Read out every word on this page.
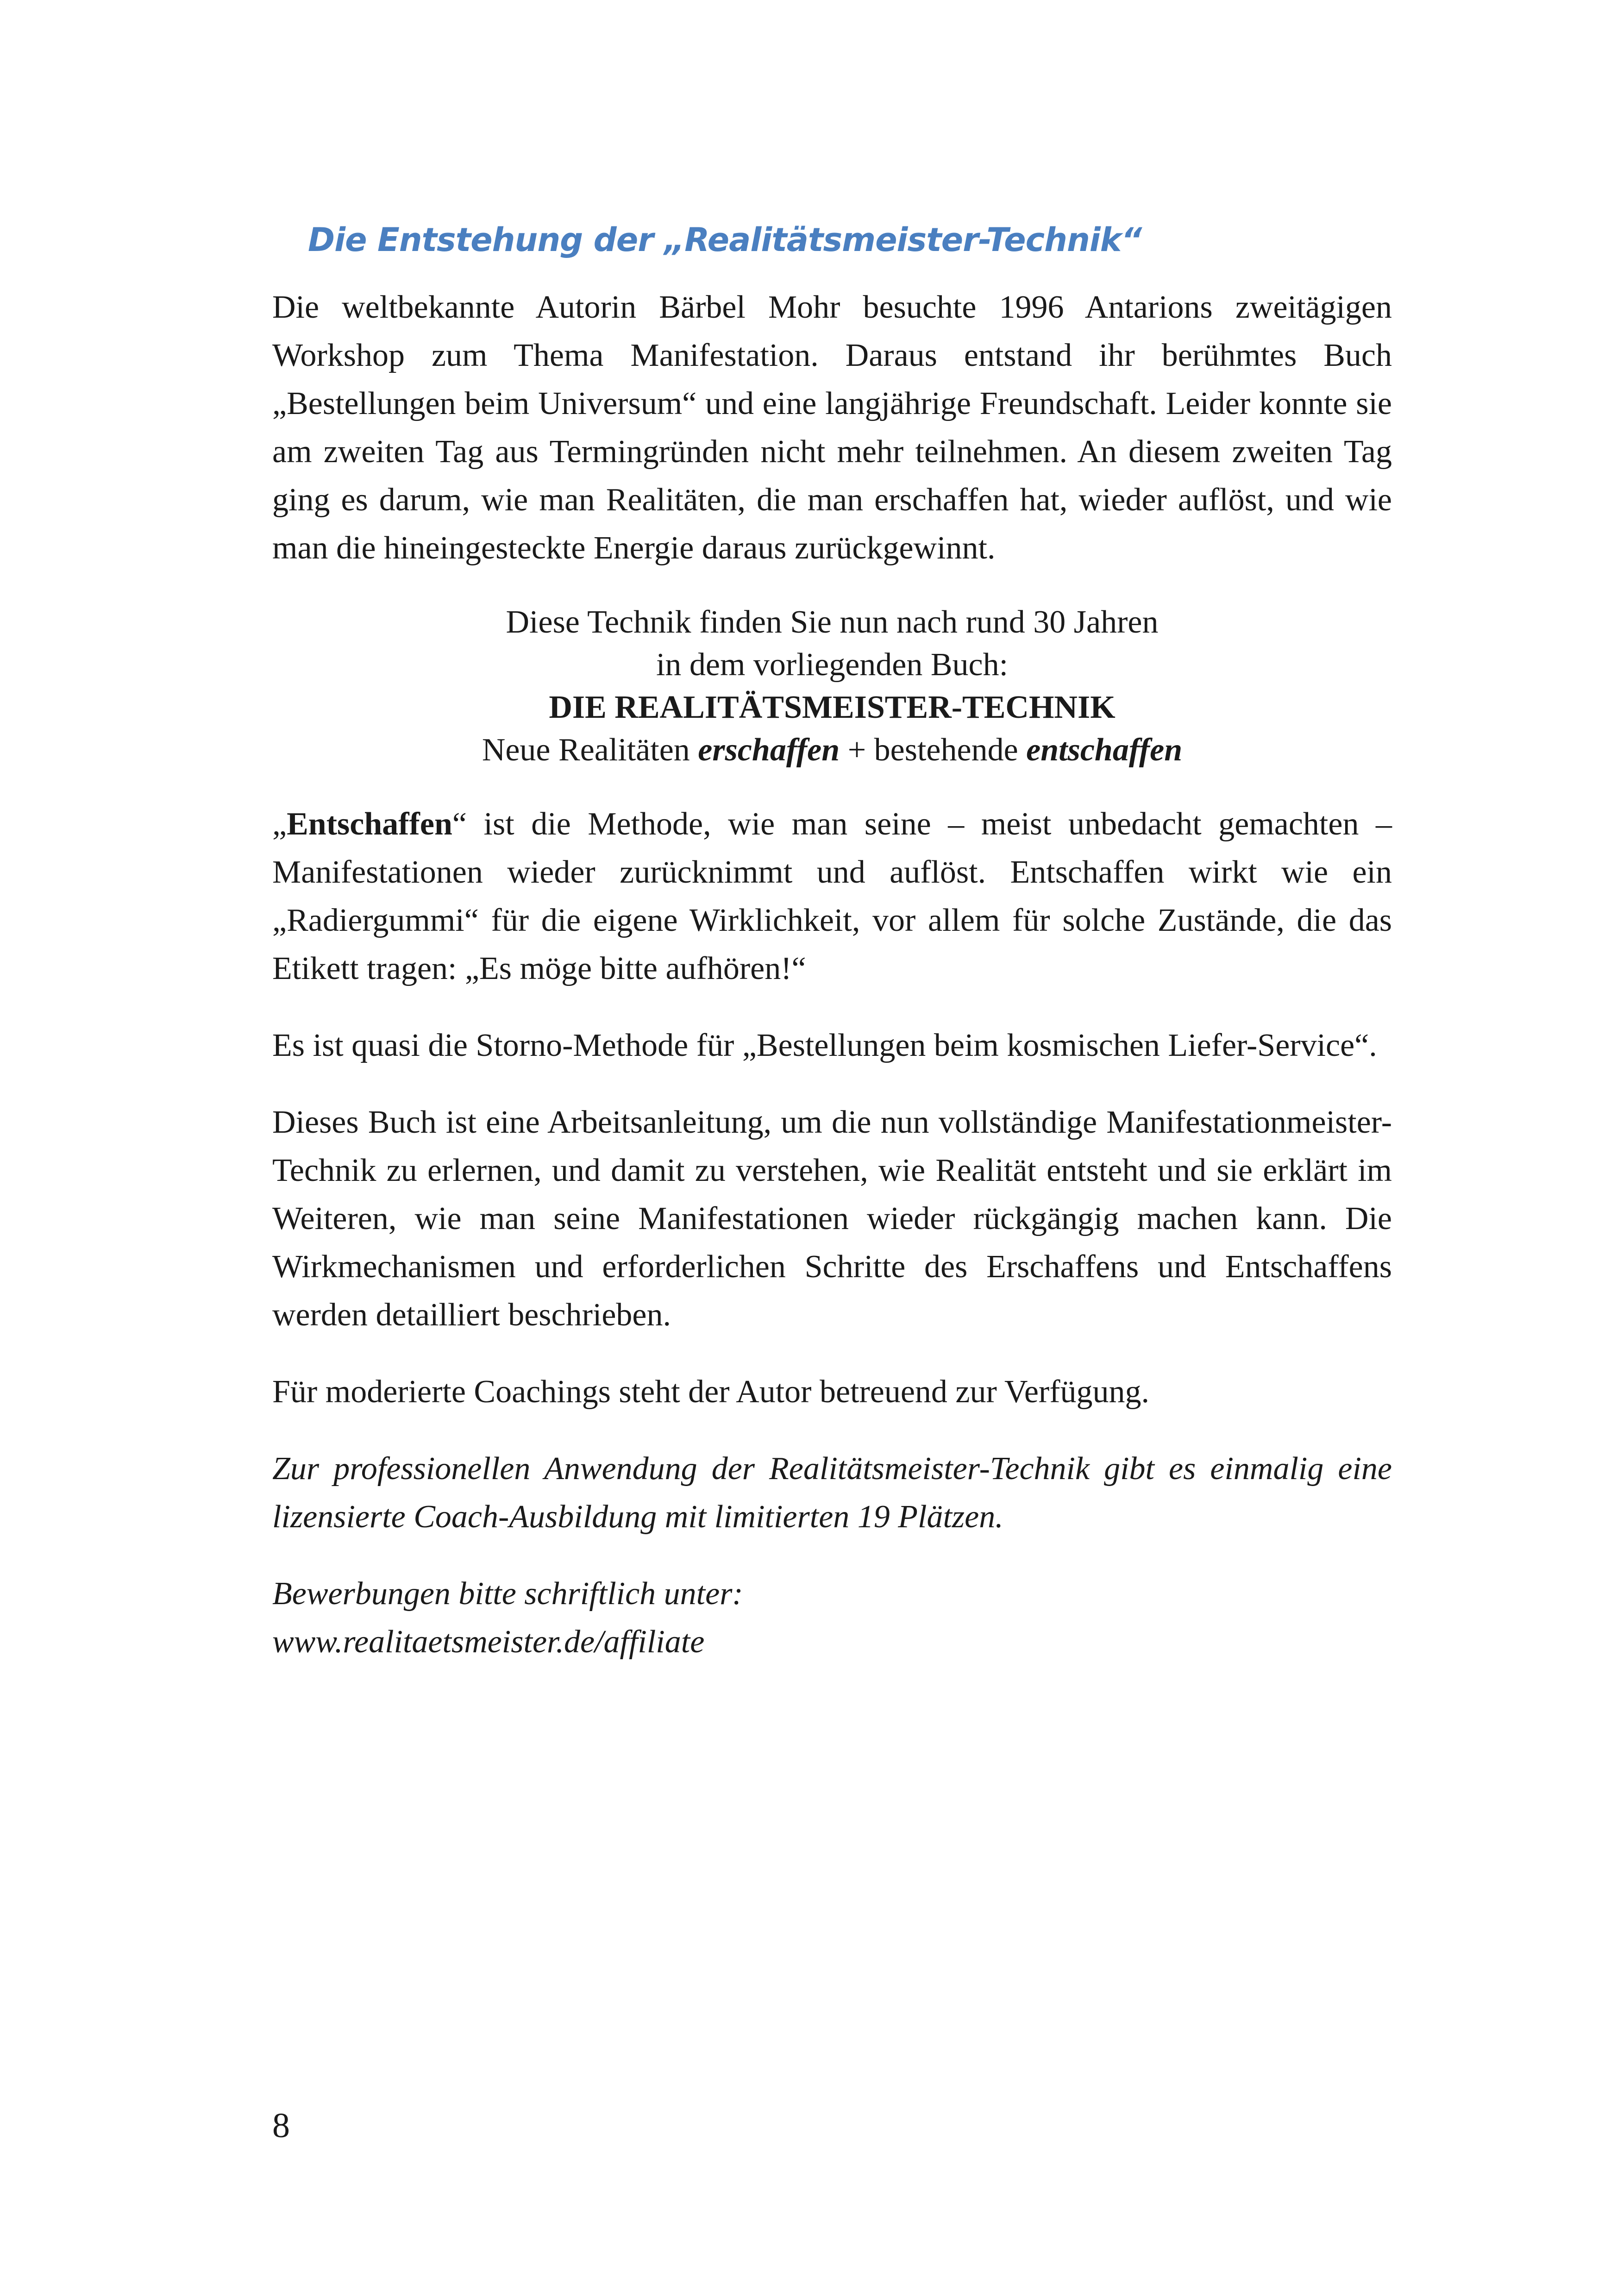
Die Entstehung der „Realitätsmeister-Technik“

Die weltbekannte Autorin Bärbel Mohr besuchte 1996 Antarions zweitägigen Workshop zum Thema Manifestation. Daraus entstand ihr berühmtes Buch „Bestellungen beim Universum“ und eine langjährige Freundschaft. Leider konnte sie am zweiten Tag aus Termingründen nicht mehr teilnehmen. An diesem zweiten Tag ging es darum, wie man Realitäten, die man erschaffen hat, wieder auflöst, und wie man die hineingesteckte Energie daraus zurückgewinnt.

Diese Technik finden Sie nun nach rund 30 Jahren
in dem vorliegenden Buch:
DIE REALITÄTSMEISTER-TECHNIK
Neue Realitäten erschaffen + bestehende entschaffen

„Entschaffen“ ist die Methode, wie man seine – meist unbedacht gemachten – Manifestationen wieder zurücknimmt und auflöst. Entschaffen wirkt wie ein „Radiergummi“ für die eigene Wirklichkeit, vor allem für solche Zustände, die das Etikett tragen: „Es möge bitte aufhören!“

Es ist quasi die Storno-Methode für „Bestellungen beim kosmischen Liefer-Service“.

Dieses Buch ist eine Arbeitsanleitung, um die nun vollständige Manifestationmeister-Technik zu erlernen, und damit zu verstehen, wie Realität entsteht und sie erklärt im Weiteren, wie man seine Manifestationen wieder rückgängig machen kann. Die Wirkmechanismen und erforderlichen Schritte des Erschaffens und Entschaffens werden detailliert beschrieben.

Für moderierte Coachings steht der Autor betreuend zur Verfügung.

Zur professionellen Anwendung der Realitätsmeister-Technik gibt es einmalig eine lizensierte Coach-Ausbildung mit limitierten 19 Plätzen.

Bewerbungen bitte schriftlich unter:
www.realitaetsmeister.de/affiliate

8
